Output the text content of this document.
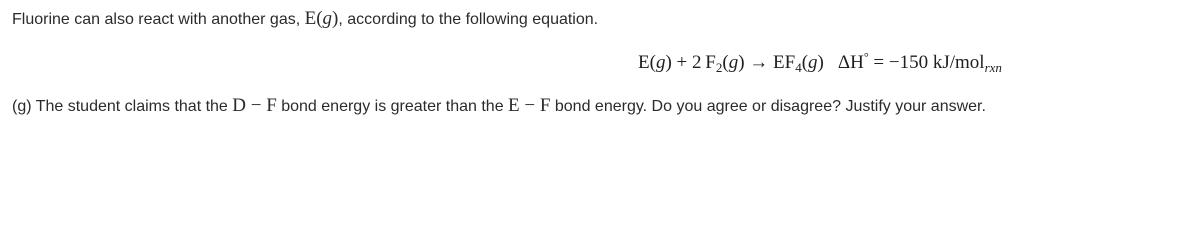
Fluorine can also react with another gas, E(g), according to the following equation.

E(g) + 2  $F_2(g) \to EF_4(g) \Delta H^\circ = -150$ kJ/mol$_{rxn}$

(g) The student claims that the D − F bond energy is greater than the E − F bond energy. Do you agree or disagree? Justify your answer.
